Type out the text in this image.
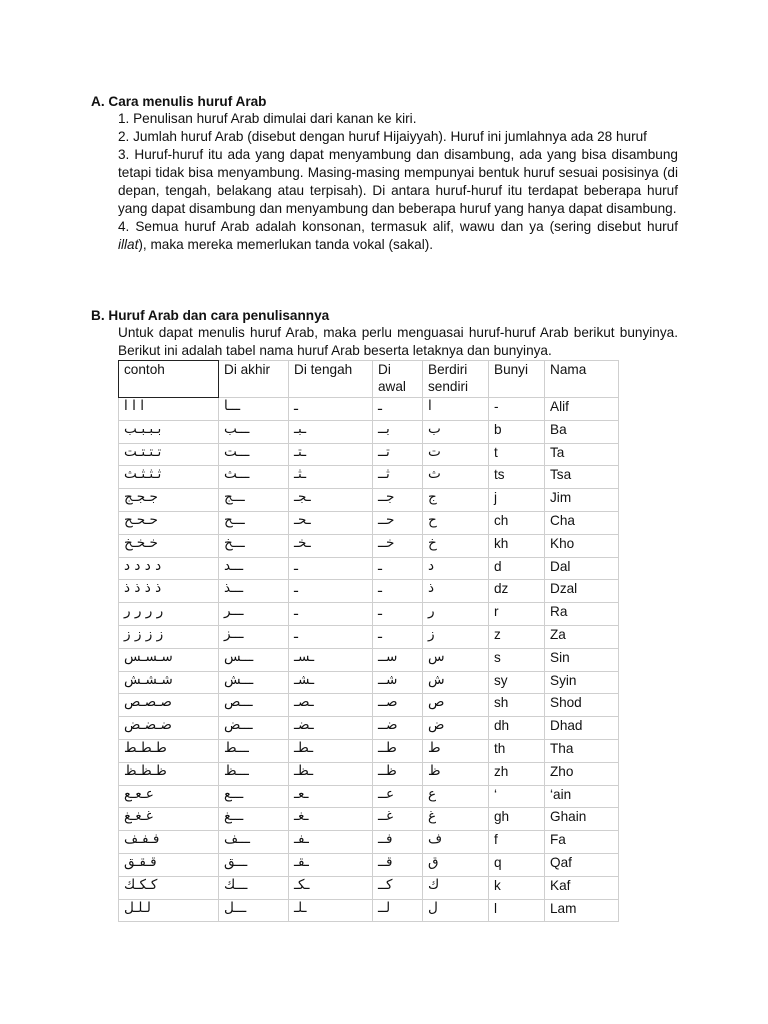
A. Cara menulis huruf Arab

1. Penulisan huruf Arab dimulai dari kanan ke kiri.

2. Jumlah huruf Arab (disebut dengan huruf Hijaiyyah). Huruf ini jumlahnya ada 28 huruf

3. Huruf-huruf itu ada yang dapat menyambung dan disambung, ada yang bisa disambung tetapi tidak bisa menyambung. Masing-masing mempunyai bentuk huruf sesuai posisinya (di depan, tengah, belakang atau terpisah). Di antara huruf-huruf itu terdapat beberapa huruf yang dapat disambung dan menyambung dan beberapa huruf yang hanya dapat disambung.

4. Semua huruf Arab adalah konsonan, termasuk alif, wawu dan ya (sering disebut huruf illat), maka mereka memerlukan tanda vokal (sakal).

B. Huruf Arab dan cara penulisannya

Untuk dapat menulis huruf Arab, maka perlu menguasai huruf-huruf Arab berikut bunyinya. Berikut ini adalah tabel nama huruf Arab beserta letaknya dan bunyinya.

contoh	Di akhir	Di tengah	Di awal	Berdiri sendiri	Bunyi	Nama
ا ا ا	ـــا	ـ	ـ	ا	-	Alif
بـبـبـب	ـــب	ـبـ	بــ	ب	b	Ba
تـتـتـت	ـــت	ـتـ	تــ	ت	t	Ta
ثـثـثـث	ـــث	ـثـ	ثــ	ث	ts	Tsa
جـجـج	ـــج	ـجـ	جــ	ج	j	Jim
حـحـح	ـــح	ـحـ	حــ	ح	ch	Cha
خـخـخ	ـــخ	ـخـ	خــ	خ	kh	Kho
د د د د	ـــد	ـ	ـ	د	d	Dal
ذ ذ ذ ذ	ـــذ	ـ	ـ	ذ	dz	Dzal
ر ر ر ر	ـــر	ـ	ـ	ر	r	Ra
ز ز ز ز	ـــز	ـ	ـ	ز	z	Za
سـسـس	ـــس	ـسـ	ســ	س	s	Sin
شـشـش	ـــش	ـشـ	شــ	ش	sy	Syin
صـصـص	ـــص	ـصـ	صــ	ص	sh	Shod
ضـضـض	ـــض	ـضـ	ضــ	ض	dh	Dhad
طـطـط	ـــط	ـطـ	طــ	ط	th	Tha
ظـظـظ	ـــظ	ـظـ	ظــ	ظ	zh	Zho
عـعـع	ـــع	ـعـ	عــ	ع	‘	‘ain
غـغـغ	ـــغ	ـغـ	غــ	غ	gh	Ghain
فـفـف	ـــف	ـفـ	فــ	ف	f	Fa
قـقـق	ـــق	ـقـ	قــ	ق	q	Qaf
كـكـك	ـــك	ـكـ	كــ	ك	k	Kaf
لـلـل	ـــل	ـلـ	لــ	ل	l	Lam
